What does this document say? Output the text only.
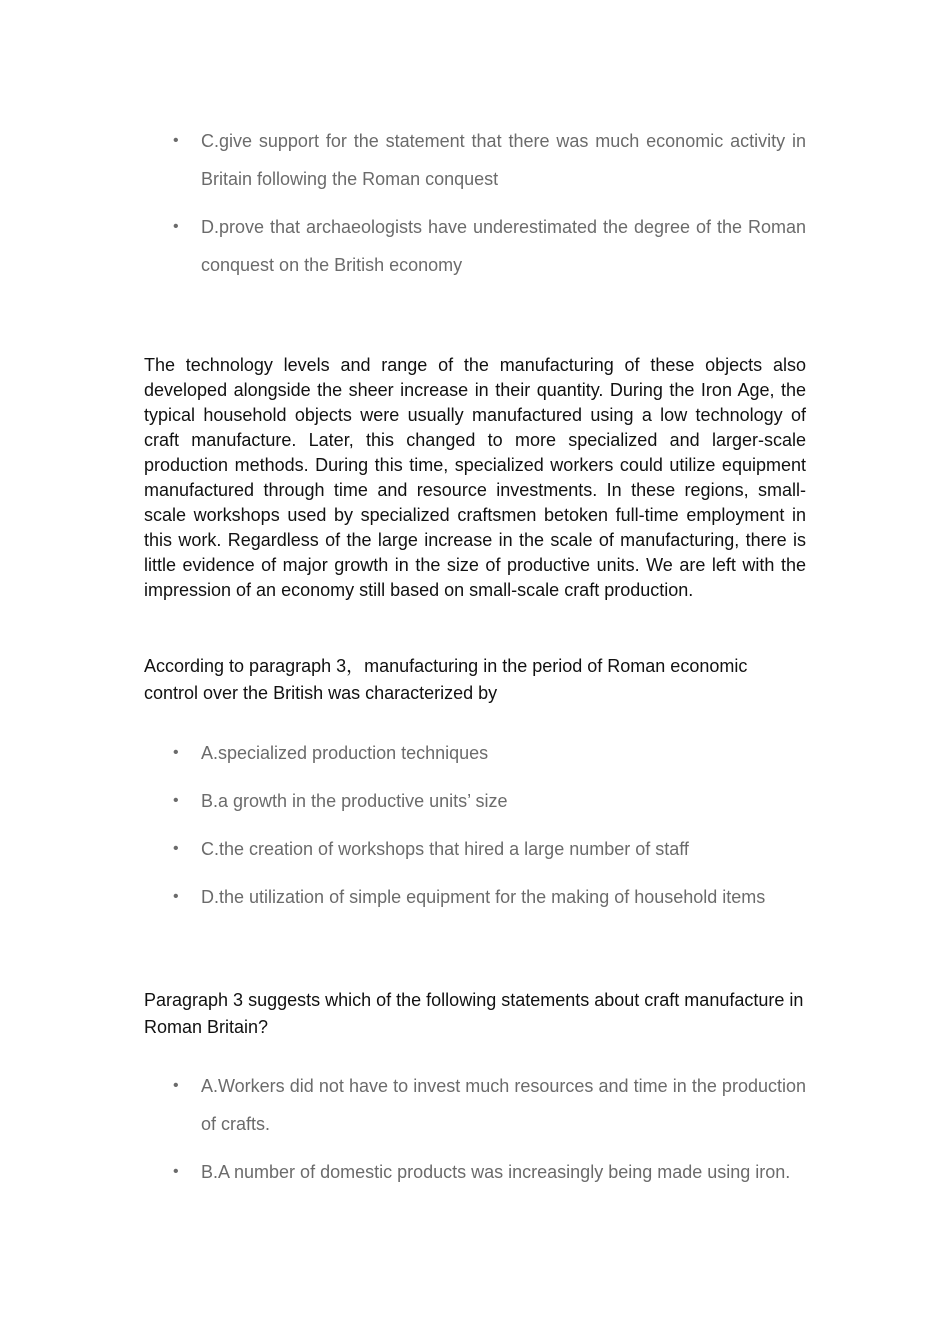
• C.give support for the statement that there was much economic activity in Britain following the Roman conquest
• D.prove that archaeologists have underestimated the degree of the Roman conquest on the British economy

The technology levels and range of the manufacturing of these objects also developed alongside the sheer increase in their quantity. During the Iron Age, the typical household objects were usually manufactured using a low technology of craft manufacture. Later, this changed to more specialized and larger-scale production methods. During this time, specialized workers could utilize equipment manufactured through time and resource investments. In these regions, small-scale workshops used by specialized craftsmen betoken full-time employment in this work. Regardless of the large increase in the scale of manufacturing, there is little evidence of major growth in the size of productive units. We are left with the impression of an economy still based on small-scale craft production.

According to paragraph 3，manufacturing in the period of Roman economic control over the British was characterized by

• A.specialized production techniques
• B.a growth in the productive units’ size
• C.the creation of workshops that hired a large number of staff
• D.the utilization of simple equipment for the making of household items

Paragraph 3 suggests which of the following statements about craft manufacture in Roman Britain?

• A.Workers did not have to invest much resources and time in the production of crafts.
• B.A number of domestic products was increasingly being made using iron.
